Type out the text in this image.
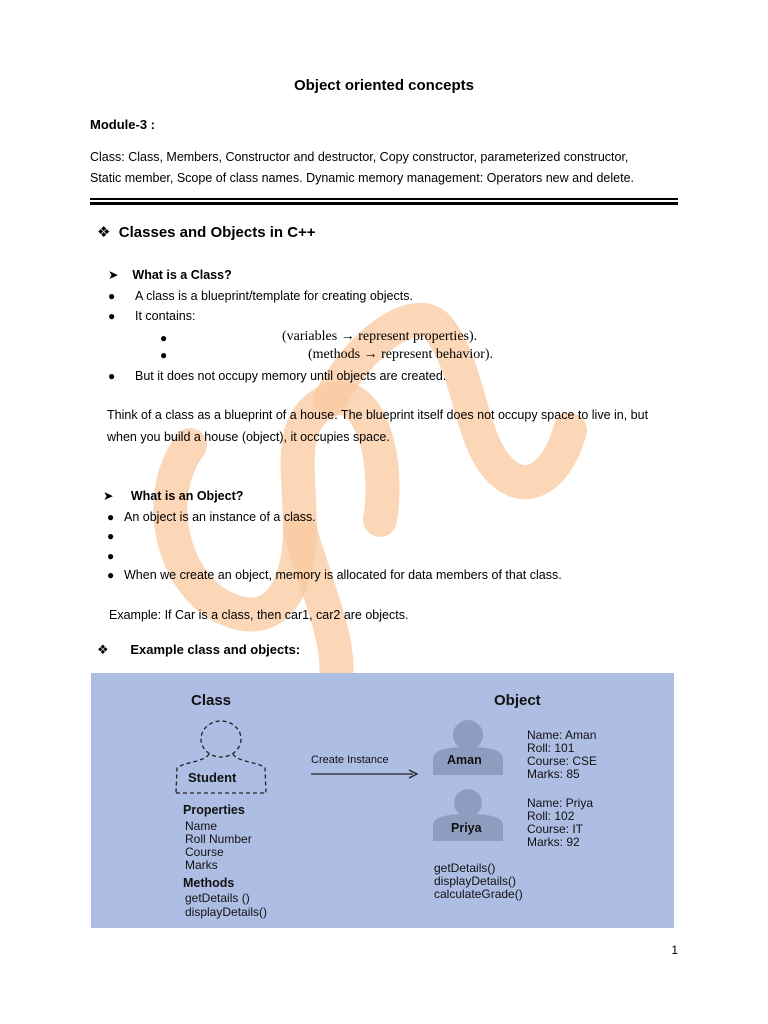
Object oriented concepts
Module-3 :
Class: Class, Members, Constructor and destructor, Copy constructor, parameterized constructor,
Static member, Scope of class names. Dynamic memory management: Operators new and delete.
❖ Classes and Objects in C++
➤ What is a Class?
● A class is a blueprint/template for creating objects.
● It contains:
●	(variables → represent properties).
●	(methods → represent behavior).
● But it does not occupy memory until objects are created.
Think of a class as a blueprint of a house. The blueprint itself does not occupy space to live in, but
when you build a house (object), it occupies space.
➤ What is an Object?
● An object is an instance of a class.
●
●
● When we create an object, memory is allocated for data members of that class.
Example: If Car is a class, then car1, car2 are objects.
❖ Example class and objects:
Class	Object
Student
Properties
Name
Roll Number
Course
Marks
Methods
getDetails ()
displayDetails()
Create Instance	Aman
Name: Aman
Roll: 101
Course: CSE
Marks: 85
Priya
Name: Priya
Roll: 102
Course: IT
Marks: 92
getDetails()
displayDetails()
calculateGrade()
1
